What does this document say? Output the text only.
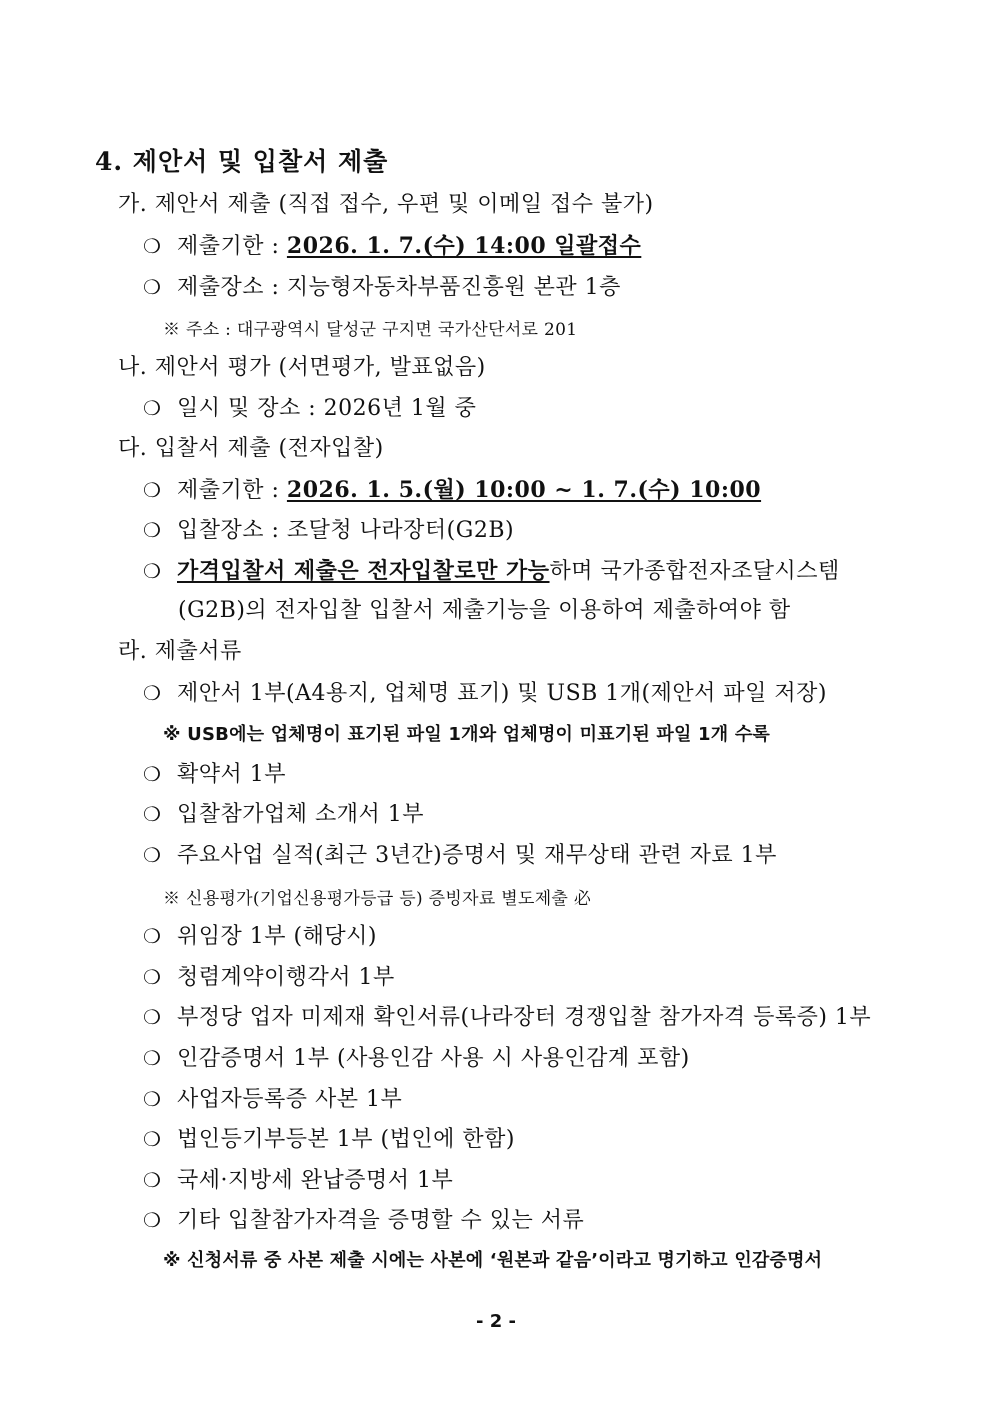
4. 제안서 및 입찰서 제출
가. 제안서 제출 (직접 접수, 우편 및 이메일 접수 불가)
❍ 제출기한 : 2026. 1. 7.(수) 14:00 일괄접수
❍ 제출장소 : 지능형자동차부품진흥원 본관 1층
※ 주소 : 대구광역시 달성군 구지면 국가산단서로 201
나. 제안서 평가 (서면평가, 발표없음)
❍ 일시 및 장소 : 2026년 1월 중
다. 입찰서 제출 (전자입찰)
❍ 제출기한 : 2026. 1. 5.(월) 10:00 ~ 1. 7.(수) 10:00
❍ 입찰장소 : 조달청 나라장터(G2B)
❍ 가격입찰서 제출은 전자입찰로만 가능하며 국가종합전자조달시스템
(G2B)의 전자입찰 입찰서 제출기능을 이용하여 제출하여야 함
라. 제출서류
❍ 제안서 1부(A4용지, 업체명 표기) 및 USB 1개(제안서 파일 저장)
※ USB에는 업체명이 표기된 파일 1개와 업체명이 미표기된 파일 1개 수록
❍ 확약서 1부
❍ 입찰참가업체 소개서 1부
❍ 주요사업 실적(최근 3년간)증명서 및 재무상태 관련 자료 1부
※ 신용평가(기업신용평가등급 등) 증빙자료 별도제출 必
❍ 위임장 1부 (해당시)
❍ 청렴계약이행각서 1부
❍ 부정당 업자 미제재 확인서류(나라장터 경쟁입찰 참가자격 등록증) 1부
❍ 인감증명서 1부 (사용인감 사용 시 사용인감계 포함)
❍ 사업자등록증 사본 1부
❍ 법인등기부등본 1부 (법인에 한함)
❍ 국세·지방세 완납증명서 1부
❍ 기타 입찰참가자격을 증명할 수 있는 서류
※ 신청서류 중 사본 제출 시에는 사본에 ‘원본과 같음’이라고 명기하고 인감증명서
- 2 -
